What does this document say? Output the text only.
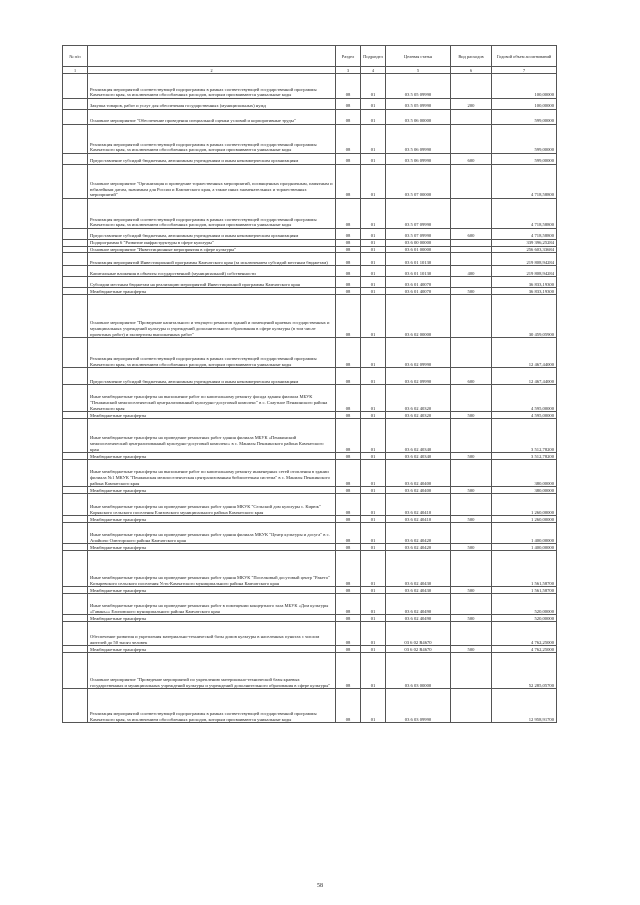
№ п/п		Раздел	Подраздел	Целевая статья	Вид расходов	Годовой объем ассигнований
1	2	3	4	5	6	7
	Реализация мероприятий соответствующей подпрограммы в рамках соответствующей государственной программы Камчатского края, за исключением обособленных расходов, которым присваиваются уникальные коды	08	01	03 5 05 09990		100,00000
	Закупка товаров, работ и услуг для обеспечения государственных (муниципальных) нужд	08	01	03 5 05 09990	200	100,00000
	Основное мероприятие "Обеспечение проведения специальной оценки условий и корпоративные труды"	08	01	03 5 06 00000		599,00000
	Реализация мероприятий соответствующей подпрограммы в рамках соответствующей государственной программы Камчатского края, за исключением обособленных расходов, которым присваиваются уникальные коды	08	01	03 5 06 09990		599,00000
	Предоставление субсидий бюджетным, автономным учреждениям и иным некоммерческим организациям	08	01	03 5 06 09990	600	599,00000
	Основное мероприятие "Организация и проведение торжественных мероприятий, посвященных праздничным, памятным и юбилейным датам, значимым для России и Камчатского края, а также иных знаменательных и торжественных мероприятий"	08	01	03 5 07 00000		4 718,58800
	Реализация мероприятий соответствующей подпрограммы в рамках соответствующей государственной программы Камчатского края, за исключением обособленных расходов, которым присваиваются уникальные коды	08	01	03 5 07 09990		4 718,58800
	Предоставление субсидий бюджетным, автономным учреждениям и иным некоммерческим организациям	08	01	03 5 07 09990	600	4 718,58800
	Подпрограмма 6 "Развитие инфраструктуры в сфере культуры"	08	01	03 6 00 00000		339 396,25284
	Основное мероприятие "Инвестиционные мероприятия в сфере культуры"	08	01	03 6 01 00000		256 603,33684
	Реализация мероприятий Инвестиционной программы Камчатского края (за исключением субсидий местным бюджетам)	08	01	03 6 01 10130		219 808,94284
	Капитальные вложения в объекты государственной (муниципальной) собственности	08	01	03 6 01 10130	400	219 808,94284
	Субсидии местным бюджетам на реализацию мероприятий Инвестиционной программы Камчатского края	08	01	03 6 01 40070		36 833,19300
	Межбюджетные трансферты	08	01	03 6 01 40070	500	36 833,19300
	Основное мероприятие "Проведение капитального и текущего ремонтов зданий и помещений краевых государственных и муниципальных учреждений культуры и учреждений дополнительного образования в сфере культуры (в том числе проектных работ) и экспертизы выполненных работ"	08	01	03 6 02 00000		30 459,05900
	Реализация мероприятий соответствующей подпрограммы в рамках соответствующей государственной программы Камчатского края, за исключением обособленных расходов, которым присваиваются уникальные коды	08	01	03 6 02 09990		12 467,44000
	Предоставление субсидий бюджетным, автономным учреждениям и иным некоммерческим организациям	08	01	03 6 02 09990	600	12 467,44000
	Иные межбюджетные трансферты на выполнение работ по капитальному ремонту фасада здания филиала МБУК "Пенжинский межпоселенческий централизованный культурно-досуговый комплекс" в с. Слаутное Пенжинского района Камчатского края	08	01	03 6 02 40320		4 595,00000
	Межбюджетные трансферты	08	01	03 6 02 40320	500	4 595,00000
	Иные межбюджетные трансферты на проведение ремонтных работ здания филиала МБУК «Пенжинский межпоселенческий централизованный культурно-досуговый комплекс» в с. Манилы Пенжинского района Камчатского края	08	01	03 6 02 40340		3 512,78200
	Межбюджетные трансферты	08	01	03 6 02 40340	500	3 512,78200
	Иные межбюджетные трансферты на выполнение работ по капитальному ремонту инженерных сетей отопления в здании филиала №1 МКУК "Пенжинская межпоселенческая централизованная библиотечная система" в с. Манилы Пенжинского района Камчатского края	08	01	03 6 02 40400		380,00000
	Межбюджетные трансферты	08	01	03 6 02 40400	500	380,00000
	Иные межбюджетные трансферты на проведение ремонтных работ здания МКУК "Сельский дом культуры с. Кирюк" Корякского сельского поселения Елизовского муниципального района Камчатского края	08	01	03 6 02 40410		1 260,00000
	Межбюджетные трансферты	08	01	03 6 02 40410	500	1 260,00000
	Иные межбюджетные трансферты на проведение ремонтных работ здания филиала МКУК "Центр культуры и досуга" в с. Апайшчо Олюторского района Камчатского края	08	01	03 6 02 40420		1 400,00000
	Межбюджетные трансферты	08	01	03 6 02 40420	500	1 400,00000
	Иные межбюджетные трансферты на проведение ремонтных работ здания МКУК "Поселковый досуговый центр "Ракета" Козыревского сельского поселения Усть-Камчатского муниципального района Камчатского края	08	01	03 6 02 40430		1 561,58700
	Межбюджетные трансферты	08	01	03 6 02 40430	500	1 561,58700
	Иные межбюджетные трансферты на проведение ремонтных работ в помещении концертного зала МБУК «Дом культуры «Гавань»» Елизовского муниципального района Камчатского края	08	01	03 6 02 40490		520,00000
	Межбюджетные трансферты	08	01	03 6 02 40490	500	520,00000
	Обеспечение развития и укрепления материально-технической базы домов культуры в населенных пунктах с числом жителей до 50 тысяч человек	08	01	03 6 02 R4670		4 762,25000
	Межбюджетные трансферты	08	01	03 6 02 R4670	500	4 762,25000
	Основное мероприятие "Проведение мероприятий по укреплению материально-технической базы краевых государственных и муниципальных учреждений культуры и учреждений дополнительного образования в сфере культуры"	08	01	03 6 03 00000		52 285,05700
	Реализация мероприятий соответствующей подпрограммы в рамках соответствующей государственной программы Камчатского края, за исключением обособленных расходов, которым присваиваются уникальные коды	08	01	03 6 03 09990		12 958,91700
58
